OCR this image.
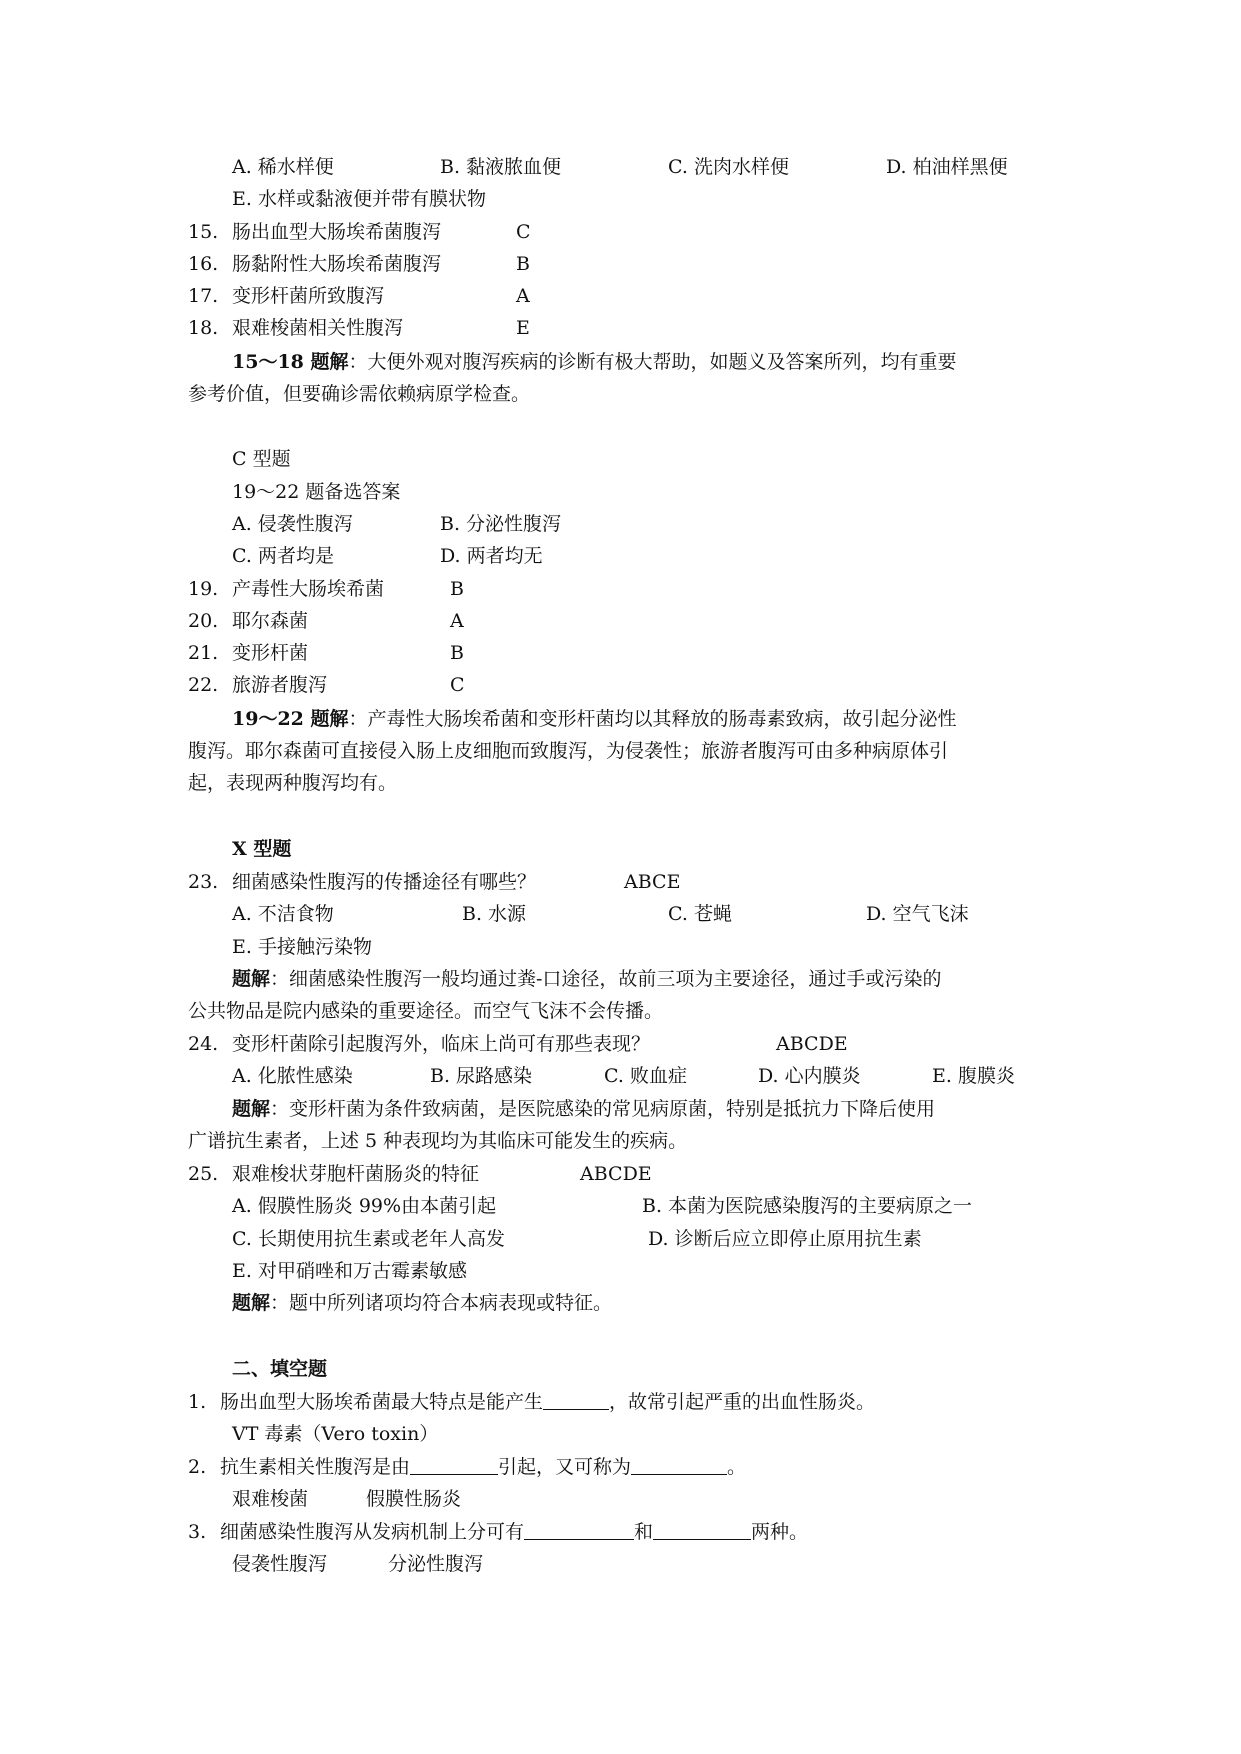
A. 稀水样便	B. 黏液脓血便	C. 洗肉水样便	D. 柏油样黑便
E. 水样或黏液便并带有膜状物
15. 肠出血型大肠埃希菌腹泻	C
16. 肠黏附性大肠埃希菌腹泻	B
17. 变形杆菌所致腹泻	A
18. 艰难梭菌相关性腹泻	E
15～18 题解：大便外观对腹泻疾病的诊断有极大帮助，如题义及答案所列，均有重要
参考价值，但要确诊需依赖病原学检查。
C 型题
19～22 题备选答案
A. 侵袭性腹泻	B. 分泌性腹泻
C. 两者均是	D. 两者均无
19. 产毒性大肠埃希菌	B
20. 耶尔森菌	A
21. 变形杆菌	B
22. 旅游者腹泻	C
19～22 题解：产毒性大肠埃希菌和变形杆菌均以其释放的肠毒素致病，故引起分泌性
腹泻。耶尔森菌可直接侵入肠上皮细胞而致腹泻，为侵袭性；旅游者腹泻可由多种病原体引
起，表现两种腹泻均有。
X 型题
23. 细菌感染性腹泻的传播途径有哪些？	ABCE
A. 不洁食物	B. 水源	C. 苍蝇	D. 空气飞沫
E. 手接触污染物
题解：细菌感染性腹泻一般均通过粪-口途径，故前三项为主要途径，通过手或污染的
公共物品是院内感染的重要途径。而空气飞沫不会传播。
24. 变形杆菌除引起腹泻外，临床上尚可有那些表现？	ABCDE
A. 化脓性感染	B. 尿路感染	C. 败血症	D. 心内膜炎	E. 腹膜炎
题解：变形杆菌为条件致病菌，是医院感染的常见病原菌，特别是抵抗力下降后使用
广谱抗生素者，上述 5 种表现均为其临床可能发生的疾病。
25. 艰难梭状芽胞杆菌肠炎的特征	ABCDE
A. 假膜性肠炎 99%由本菌引起	B. 本菌为医院感染腹泻的主要病原之一
C. 长期使用抗生素或老年人高发	D. 诊断后应立即停止原用抗生素
E. 对甲硝唑和万古霉素敏感
题解：题中所列诸项均符合本病表现或特征。
二、填空题
1. 肠出血型大肠埃希菌最大特点是能产生	，故常引起严重的出血性肠炎。
VT 毒素（Vero toxin）
2. 抗生素相关性腹泻是由	引起，又可称为	。
艰难梭菌	假膜性肠炎
3. 细菌感染性腹泻从发病机制上分可有	和	两种。
侵袭性腹泻	分泌性腹泻
